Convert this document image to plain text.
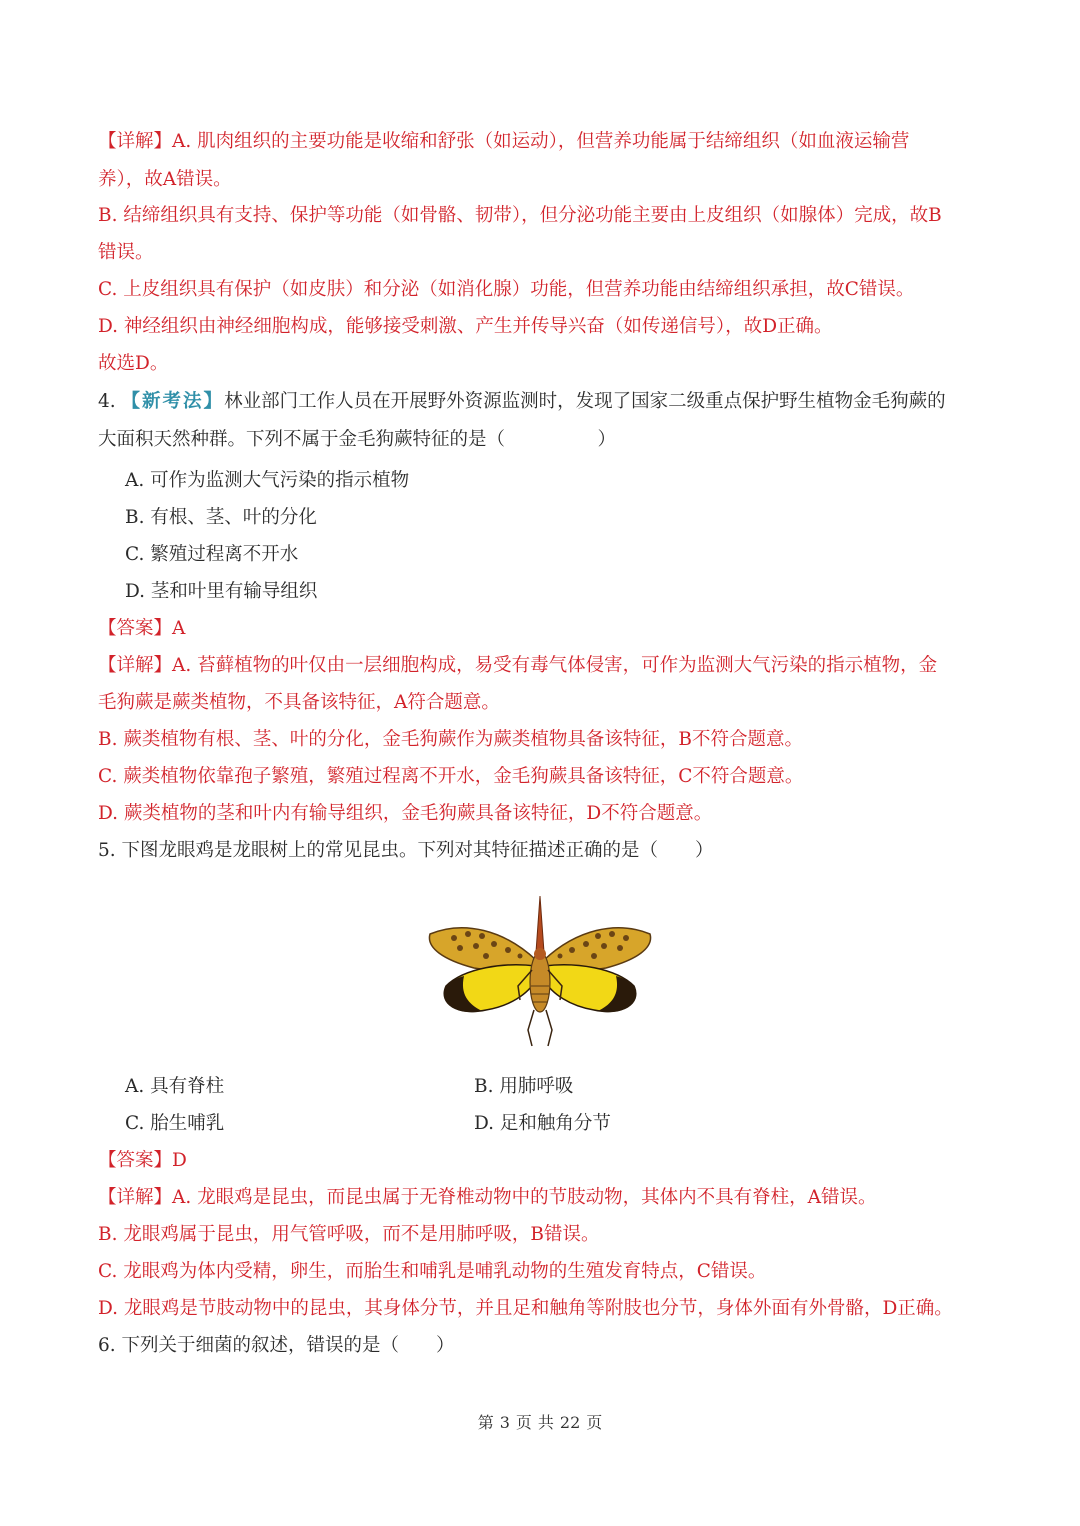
【详解】A. 肌肉组织的主要功能是收缩和舒张（如运动），但营养功能属于结缔组织（如血液运输营
养），故A错误。
B. 结缔组织具有支持、保护等功能（如骨骼、韧带），但分泌功能主要由上皮组织（如腺体）完成，故B
错误。
C. 上皮组织具有保护（如皮肤）和分泌（如消化腺）功能，但营养功能由结缔组织承担，故C错误。
D. 神经组织由神经细胞构成，能够接受刺激、产生并传导兴奋（如传递信号），故D正确。
故选D。
4. 【新考法】林业部门工作人员在开展野外资源监测时，发现了国家二级重点保护野生植物金毛狗蕨的
大面积天然种群。下列不属于金毛狗蕨特征的是（　　　　　）
A. 可作为监测大气污染的指示植物
B. 有根、茎、叶的分化
C. 繁殖过程离不开水
D. 茎和叶里有输导组织
【答案】A
【详解】A. 苔藓植物的叶仅由一层细胞构成，易受有毒气体侵害，可作为监测大气污染的指示植物，金
毛狗蕨是蕨类植物，不具备该特征，A符合题意。
B. 蕨类植物有根、茎、叶的分化，金毛狗蕨作为蕨类植物具备该特征，B不符合题意。
C. 蕨类植物依靠孢子繁殖，繁殖过程离不开水，金毛狗蕨具备该特征，C不符合题意。
D. 蕨类植物的茎和叶内有输导组织，金毛狗蕨具备该特征，D不符合题意。
5. 下图龙眼鸡是龙眼树上的常见昆虫。下列对其特征描述正确的是（　　）
A. 具有脊柱	B. 用肺呼吸
C. 胎生哺乳	D. 足和触角分节
【答案】D
【详解】A. 龙眼鸡是昆虫，而昆虫属于无脊椎动物中的节肢动物，其体内不具有脊柱，A错误。
B. 龙眼鸡属于昆虫，用气管呼吸，而不是用肺呼吸，B错误。
C. 龙眼鸡为体内受精，卵生，而胎生和哺乳是哺乳动物的生殖发育特点，C错误。
D. 龙眼鸡是节肢动物中的昆虫，其身体分节，并且足和触角等附肢也分节，身体外面有外骨骼，D正确。
6. 下列关于细菌的叙述，错误的是（　　）
第 3 页 共 22 页
